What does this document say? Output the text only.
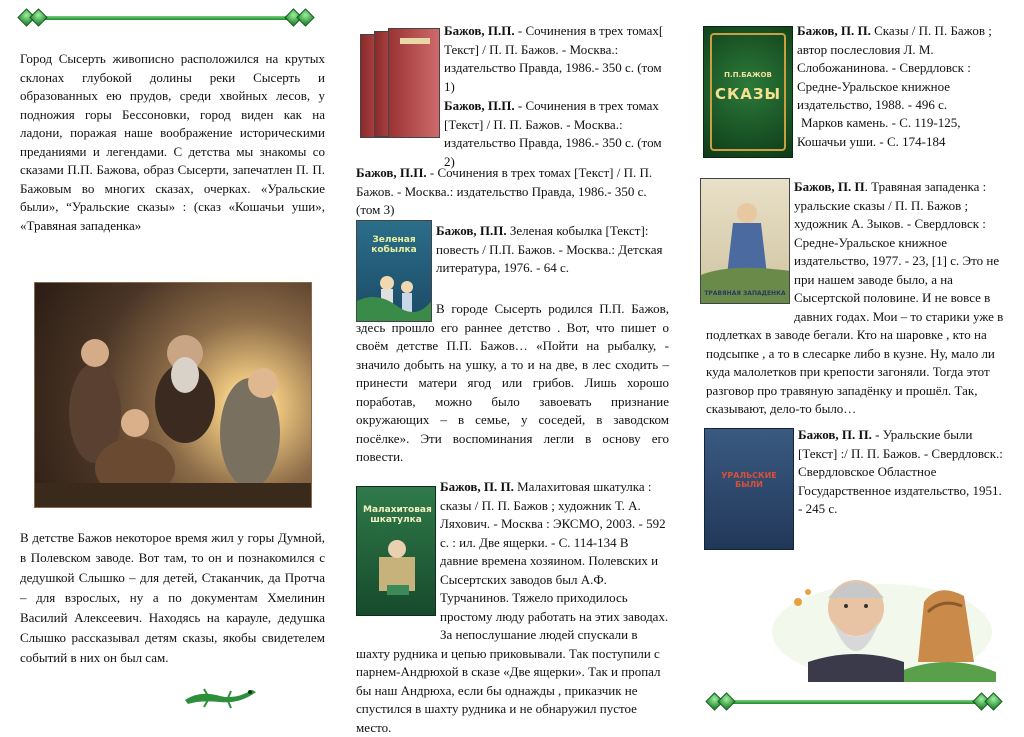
Город Сысерть живописно расположился на крутых склонах глубокой долины реки Сысерть и образованных ею прудов, среди хвойных лесов, у подножия горы Бессоновки, город виден как на ладони, поражая наше воображение историческими преданиями и легендами. С детства мы знакомы со сказами П.П. Бажова, образ Сысерти, запечатлен П. П. Бажовым во многих сказах, очерках. «Уральские были», “Уральские сказы» : (сказ «Кошачьи уши», «Травяная западенка»
В детстве Бажов некоторое время жил у горы Думной, в Полевском заводе. Вот там, то он и познакомился с дедушкой Слышко – для детей, Стаканчик, да Протча – для взрослых, ну а по документам Хмелинин Василий Алексеевич. Находясь на карауле, дедушка Слышко рассказывал детям сказы, якобы свидетелем событий в них он был сам.
Бажов, П.П. - Сочинения в трех томах[ Текст] / П. П. Бажов. - Москва.: издательство Правда, 1986.- 350 с. (том 1)
Бажов, П.П. - Сочинения в трех томах [Текст] / П. П. Бажов. - Москва.: издательство Правда, 1986.- 350 с. (том 2)
Бажов, П.П. - Сочинения в трех томах [Текст] / П. П. Бажов. - Москва.: издательство Правда, 1986.- 350 с. (том 3)
Зеленая кобылка
Бажов, П.П. Зеленая кобылка [Текст]: повесть / П.П. Бажов. - Москва.: Детская литература, 1976. - 64 с.
В городе Сысерть родился П.П. Бажов, здесь прошло его раннее детство . Вот, что пишет о своём детстве П.П. Бажов… «Пойти на рыбалку, - значило добыть на ушку, а то и на две, в лес сходить – принести матери ягод или грибов. Лишь хорошо поработав, можно было завоевать признание окружающих – в семье, у соседей, в заводском посёлке». Эти воспоминания легли в основу его повести.
Малахитовая шкатулка
Бажов, П. П. Малахитовая шкатулка : сказы / П. П. Бажов ; художник Т. А. Ляхович. - Москва : ЭКСМО, 2003. - 592 с. : ил. Две ящерки. - С. 114-134 В давние времена хозяином. Полевских и Сысертских заводов был А.Ф. Турчанинов. Тяжело приходилось простому люду работать на этих заводах. За непослушание людей спускали в шахту рудника и цепью приковывали. Так поступили с парнем-Андрюхой в сказе «Две ящерки». Так и пропал бы наш Андрюха, если бы однажды , приказчик не спустился в шахту рудника и не обнаружил пустое место.
П.П.БАЖОВ
СКАЗЫ
Бажов, П. П. Сказы / П. П. Бажов ; автор послесловия Л. М. Слобожанинова. - Свердловск : Средне-Уральское книжное издательство, 1988. - 496 с.
Марков камень. - С. 119-125, Кошачьи уши. - С. 174-184
ТРАВЯНАЯ ЗАПАДЕНКА
Бажов, П. П. Травяная западенка : уральские сказы / П. П. Бажов ; художник А. Зыков. - Свердловск : Средне-Уральское книжное издательство, 1977. - 23, [1] с. Это не при нашем заводе было, а на Сысертской половине. И не вовсе в давних годах. Мои – то старики уже в подлетках в заводе бегали. Кто на шаровке , кто на подсыпке , а то в слесарке либо в кузне. Ну, мало ли куда малолетков при крепости загоняли. Тогда этот разговор про травяную западёнку и прошёл. Так, сказывают, дело-то было…
УРАЛЬСКИЕ БЫЛИ
Бажов, П. П. - Уральские были [Текст] :/ П. П. Бажов. - Свердловск.: Свердловское Областное Государственное издательство, 1951. - 245 с.
